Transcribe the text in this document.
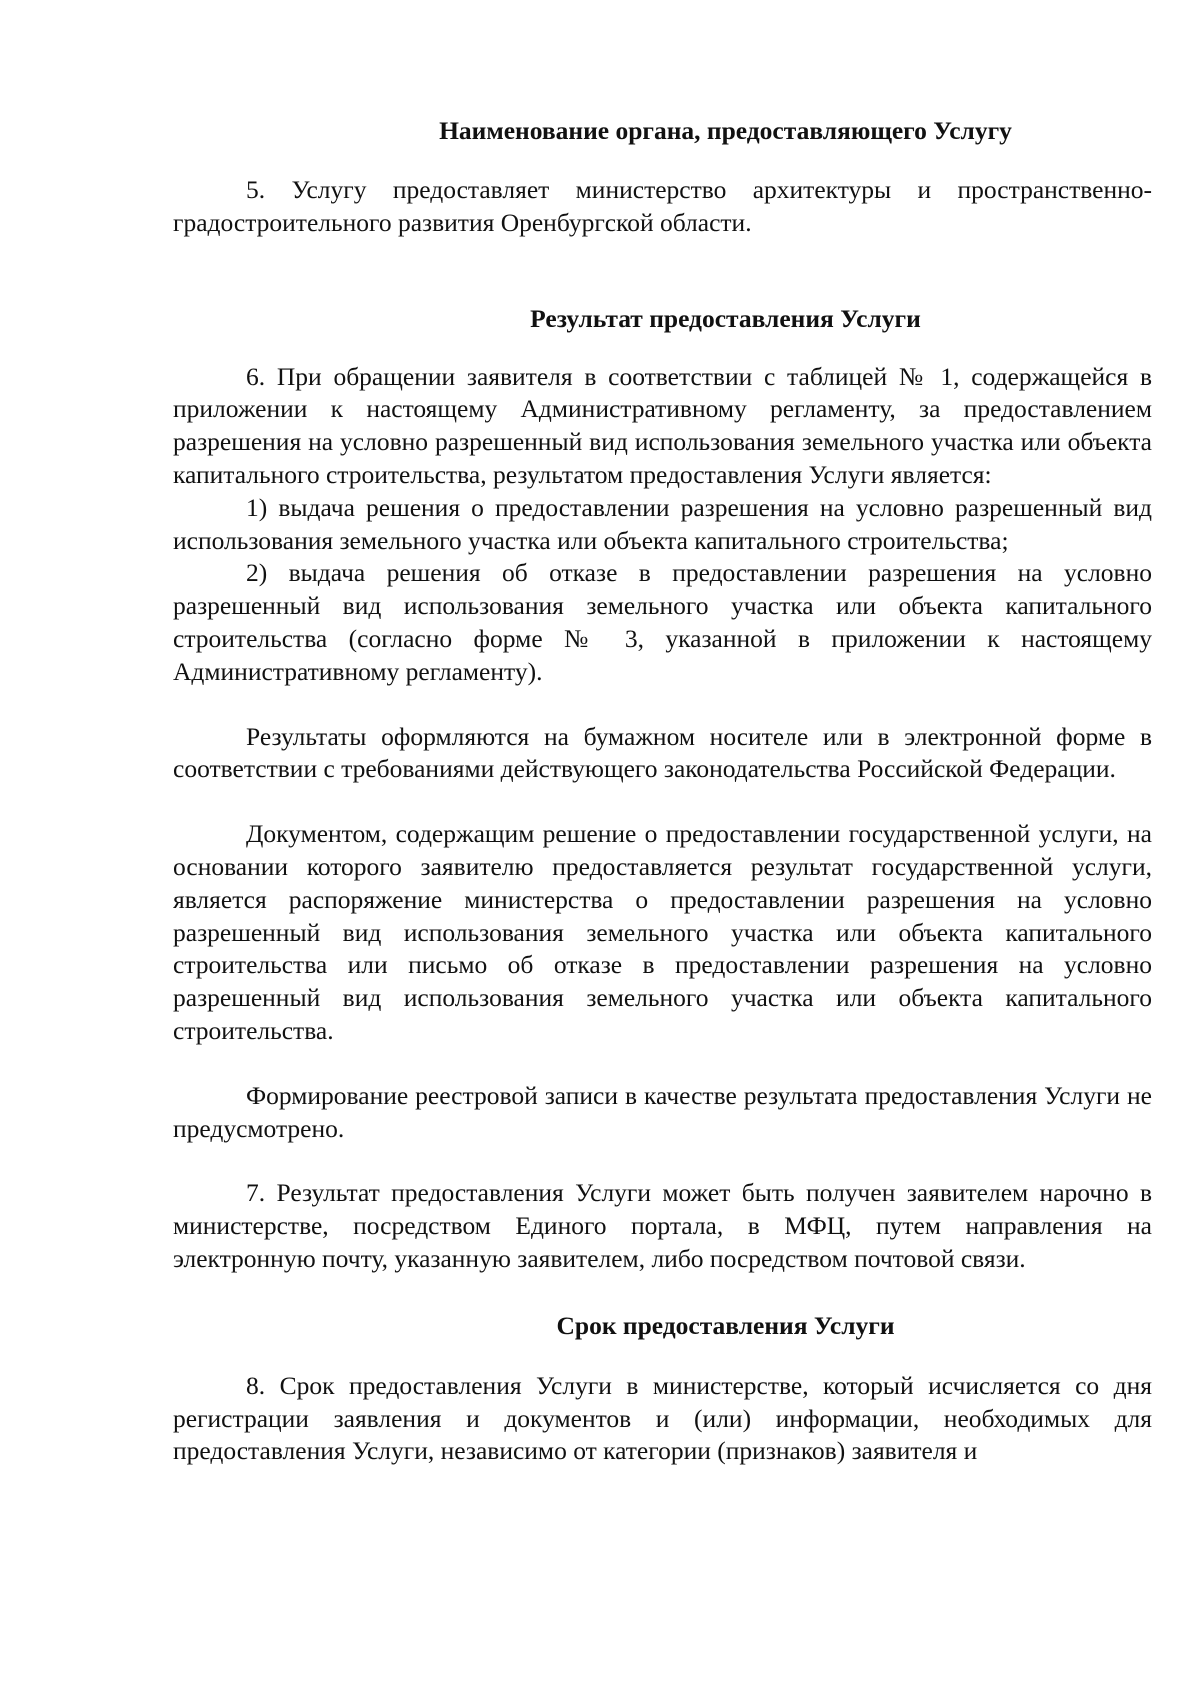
Наименование органа, предоставляющего Услугу

5. Услугу предоставляет министерство архитектуры и пространственно-градостроительного развития Оренбургской области.

Результат предоставления Услуги

6. При обращении заявителя в соответствии с таблицей № 1, содержащейся в приложении к настоящему Административному регламенту, за предоставлением разрешения на условно разрешенный вид использования земельного участка или объекта капитального строительства, результатом предоставления Услуги является:

1) выдача решения о предоставлении разрешения на условно разрешенный вид использования земельного участка или объекта капитального строительства;

2) выдача решения об отказе в предоставлении разрешения на условно разрешенный вид использования земельного участка или объекта капитального строительства (согласно форме № 3, указанной в приложении к настоящему Административному регламенту).

Результаты оформляются на бумажном носителе или в электронной форме в соответствии с требованиями действующего законодательства Российской Федерации.

Документом, содержащим решение о предоставлении государственной услуги, на основании которого заявителю предоставляется результат государственной услуги, является распоряжение министерства о предоставлении разрешения на условно разрешенный вид использования земельного участка или объекта капитального строительства или письмо об отказе в предоставлении разрешения на условно разрешенный вид использования земельного участка или объекта капитального строительства.

Формирование реестровой записи в качестве результата предоставления Услуги не предусмотрено.

7. Результат предоставления Услуги может быть получен заявителем нарочно в министерстве, посредством Единого портала, в МФЦ, путем направления на электронную почту, указанную заявителем, либо посредством почтовой связи.

Срок предоставления Услуги

8. Срок предоставления Услуги в министерстве, который исчисляется со дня регистрации заявления и документов и (или) информации, необходимых для предоставления Услуги, независимо от категории (признаков) заявителя и
